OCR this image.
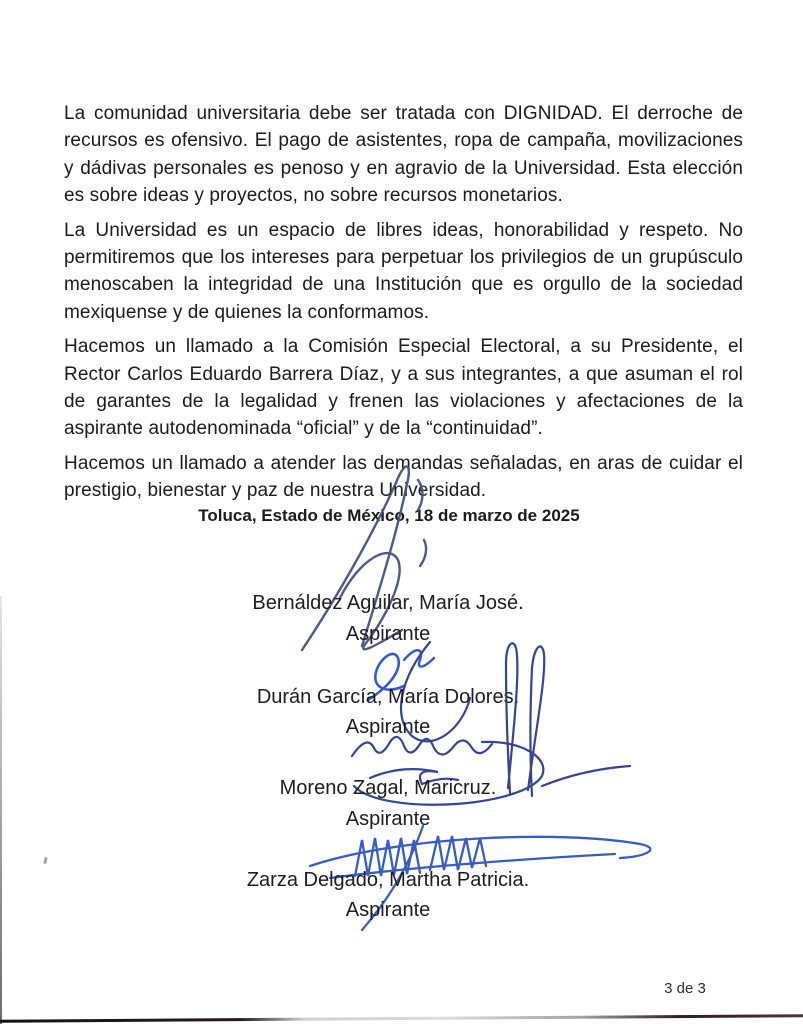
La comunidad universitaria debe ser tratada con DIGNIDAD. El derroche de recursos es ofensivo. El pago de asistentes, ropa de campaña, movilizaciones y dádivas personales es penoso y en agravio de la Universidad. Esta elección es sobre ideas y proyectos, no sobre recursos monetarios.

La Universidad es un espacio de libres ideas, honorabilidad y respeto. No permitiremos que los intereses para perpetuar los privilegios de un grupúsculo menoscaben la integridad de una Institución que es orgullo de la sociedad mexiquense y de quienes la conformamos.

Hacemos un llamado a la Comisión Especial Electoral, a su Presidente, el Rector Carlos Eduardo Barrera Díaz, y a sus integrantes, a que asuman el rol de garantes de la legalidad y frenen las violaciones y afectaciones de la aspirante autodenominada “oficial” y de la “continuidad”.

Hacemos un llamado a atender las demandas señaladas, en aras de cuidar el prestigio, bienestar y paz de nuestra Universidad.

Toluca, Estado de México, 18 de marzo de 2025
Bernáldez Aguilar, María José.
Aspirante
Durán García, María Dolores.
Aspirante
Moreno Zagal, Maricruz.
Aspirante
Zarza Delgado, Martha Patricia.
Aspirante
3 de 3
